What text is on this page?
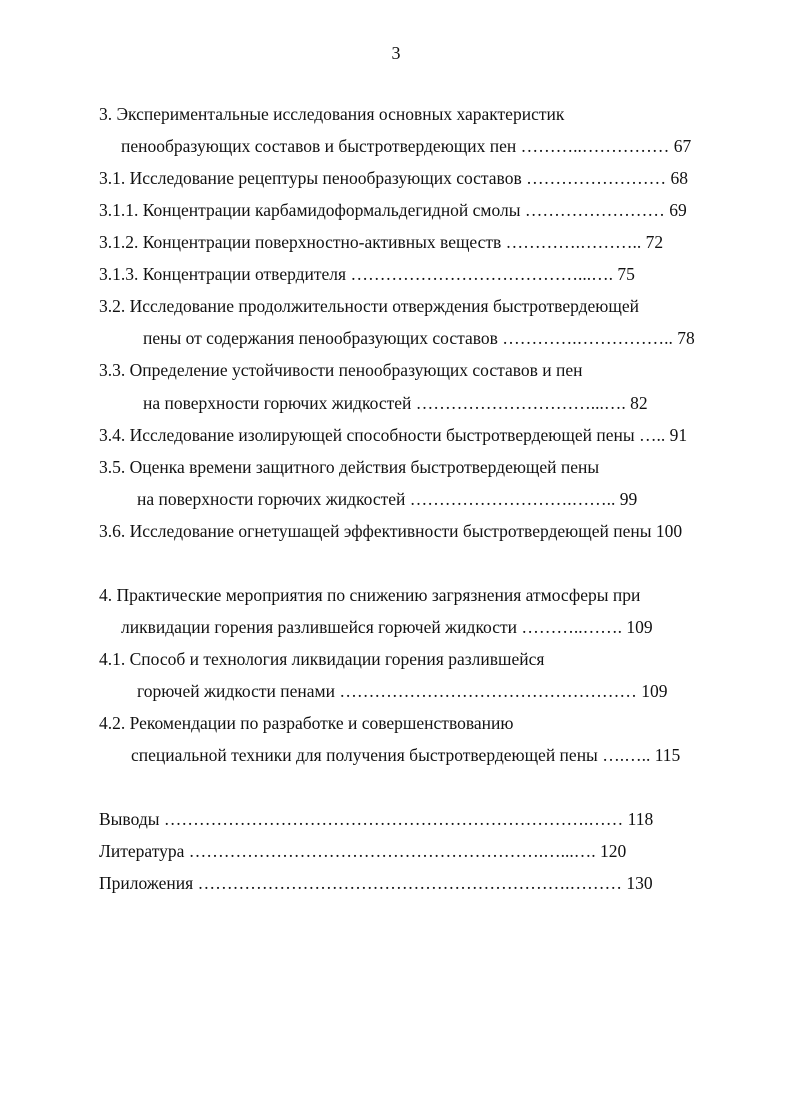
3
3. Экспериментальные исследования основных характеристик
пенообразующих составов и быстротвердеющих пен ………..…………… 67
3.1. Исследование рецептуры пенообразующих составов …………………… 68
3.1.1. Концентрации карбамидоформальдегидной смолы …………………… 69
3.1.2. Концентрации поверхностно-активных веществ ………….……….. 72
3.1.3. Концентрации отвердителя …………………………………...…. 75
3.2. Исследование продолжительности отверждения быстротвердеющей
пены от содержания пенообразующих составов ………….…………….. 78
3.3. Определение устойчивости пенообразующих составов и пен
на поверхности горючих жидкостей …………………………...…. 82
3.4. Исследование изолирующей способности быстротвердеющей пены ….. 91
3.5. Оценка времени защитного действия быстротвердеющей пены
на поверхности горючих жидкостей ……………………….…….. 99
3.6. Исследование огнетушащей эффективности быстротвердеющей пены 100
4. Практические мероприятия по снижению загрязнения атмосферы при
ликвидации горения разлившейся горючей жидкости ………..……. 109
4.1. Способ и технология ликвидации горения разлившейся
горючей жидкости пенами …………………………………………… 109
4.2. Рекомендации по разработке и совершенствованию
специальной техники для получения быстротвердеющей пены ….….. 115
Выводы ……………………………………………………………….…… 118
Литература …………………………………………………….…...…. 120
Приложения ……………………………………………………….……… 130
